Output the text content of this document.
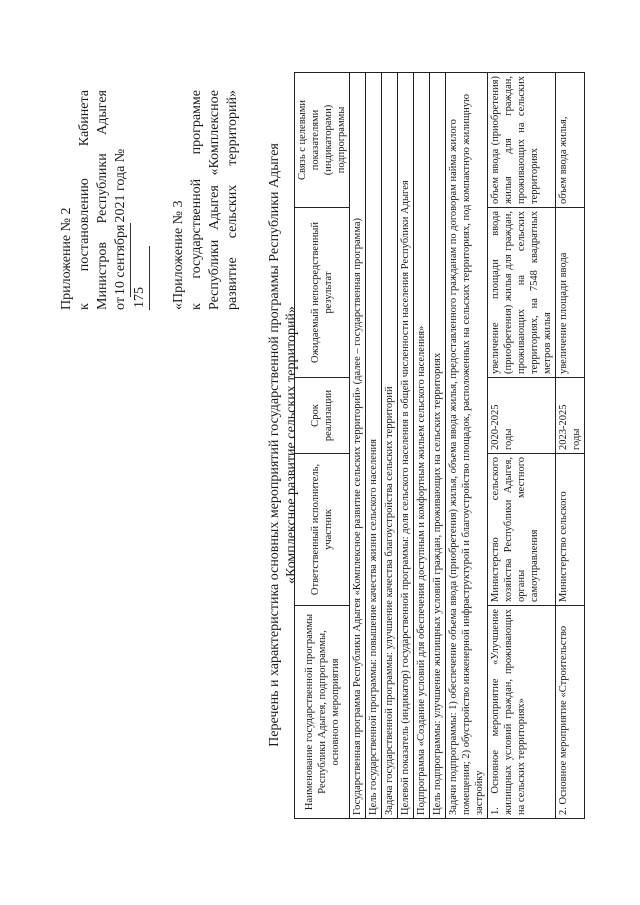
Приложение № 2 к постановлению Кабинета Министров Республики Адыгея от10 сентября2021 года № 175 «Приложение № 3 к государственной программе Республики Адыгея «Комплексное развитие сельских территорий» Перечень и характеристика основных мероприятий государственной программы Республики Адыгея «Комплексное развитие сельских территорий»
Наименование государственной программы Республики Адыгея, подпрограммы, основного мероприятия	Ответственный исполнитель, участник	Срок реализации	Ожидаемый непосредственный результат	Связь с целевыми показателями (индикаторами) подпрограммы
Государственная программа Республики Адыгея «Комплексное развитие сельских территорий» (далее – государственная программа)				
Цель государственной программы: повышение качества жизни сельского населения				
Задача государственной программы: улучшение качества благоустройства сельских территорий				
Целевой показатель (индикатор) государственной программы: доля сельского населения в общей численности населения Республики Адыгея				
Подпрограмма «Создание условий для обеспечения доступным и комфортным жильем сельского населения»				
Цель подпрограммы: улучшение жилищных условий граждан, проживающих на сельских территориях				
Задачи подпрограммы: 1) обеспечение объема ввода (приобретения) жилья, объема ввода жилья, предоставленного гражданам по договорам найма жилого помещения; 2) обустройство инженерной инфраструктурой и благоустройство площадок, расположенных на сельских территориях, под компактную жилищную застройку				
1. Основное мероприятие «Улучшение жилищных условий граждан, проживающих на сельских территориях»	Министерство сельского хозяйства Республики Адыгея, органы местного самоуправления	2020-2025 годы	увеличение площади ввода (приобретения) жилья для граждан, проживающих на сельских территориях, на 7548 квадратных метров жилья	объем ввода (приобретения) жилья для граждан, проживающих на сельских территориях
2. Основное мероприятие «Строительство	Министерство сельского	2023-2025 годы	увеличение площади ввода	объем ввода жилья,
